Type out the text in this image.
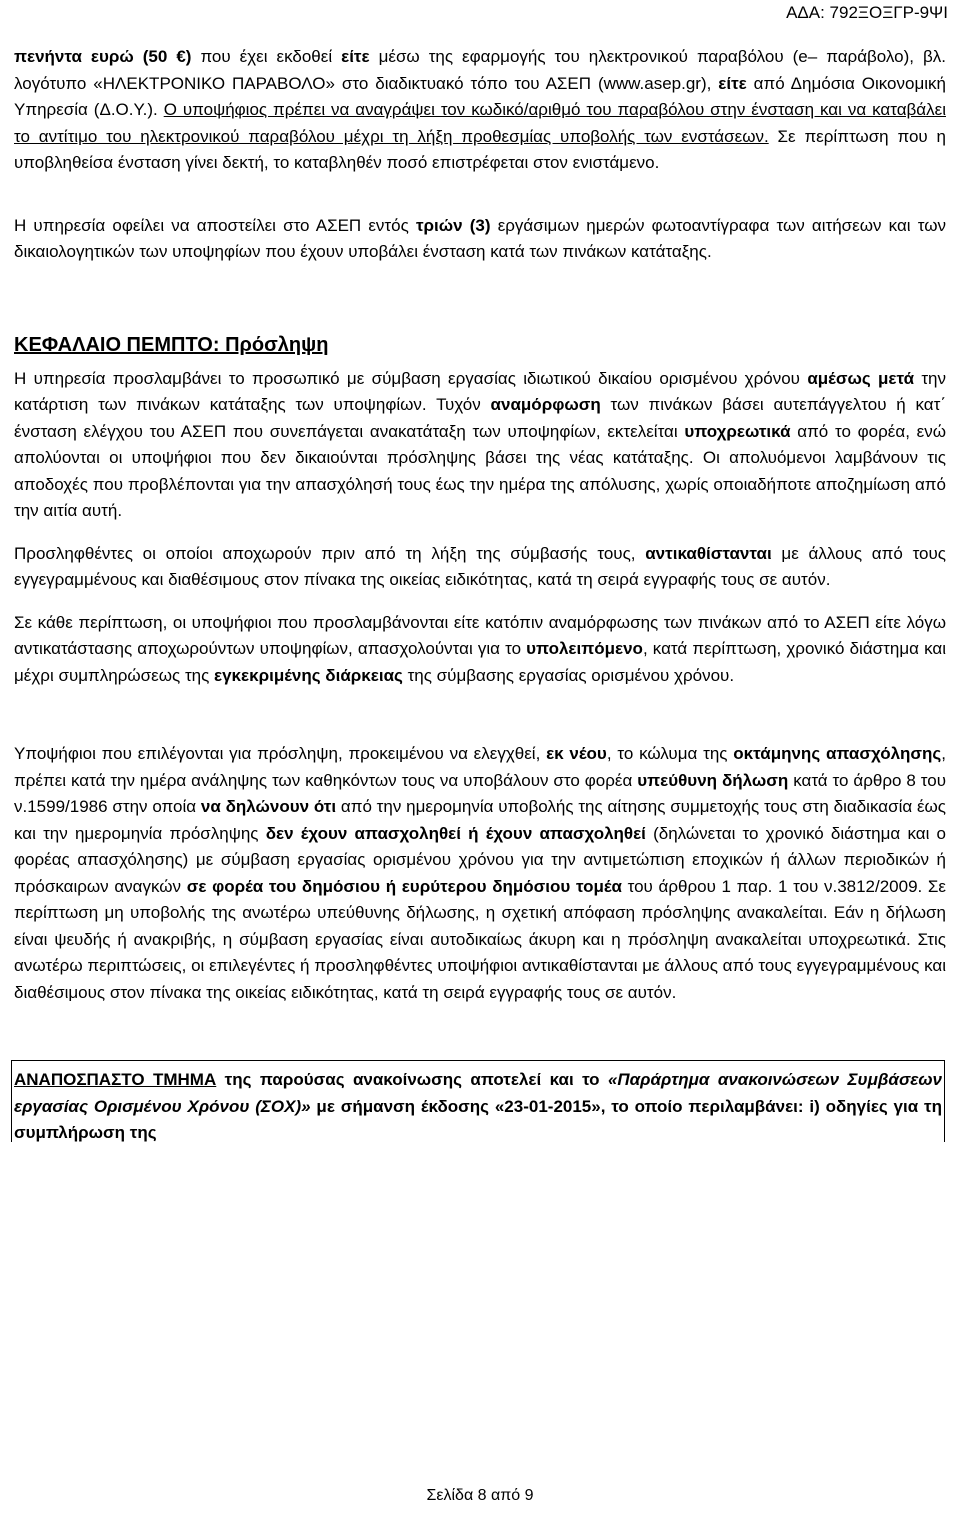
ΑΔΑ: 792ΞΟΞΓΡ-9ΨΙ

πενήντα ευρώ (50 €) που έχει εκδοθεί είτε μέσω της εφαρμογής του ηλεκτρονικού παραβόλου (e– παράβολο), βλ. λογότυπο «ΗΛΕΚΤΡΟΝΙΚΟ ΠΑΡΑΒΟΛΟ» στο διαδικτυακό τόπο του ΑΣΕΠ (www.asep.gr), είτε από Δημόσια Οικονομική Υπηρεσία (Δ.Ο.Υ.). Ο υποψήφιος πρέπει να αναγράψει τον κωδικό/αριθμό του παραβόλου στην ένσταση και να καταβάλει το αντίτιμο του ηλεκτρονικού παραβόλου μέχρι τη λήξη προθεσμίας υποβολής των ενστάσεων. Σε περίπτωση που η υποβληθείσα ένσταση γίνει δεκτή, το καταβληθέν ποσό επιστρέφεται στον ενιστάμενο.

Η υπηρεσία οφείλει να αποστείλει στο ΑΣΕΠ εντός τριών (3) εργάσιμων ημερών φωτοαντίγραφα των αιτήσεων και των δικαιολογητικών των υποψηφίων που έχουν υποβάλει ένσταση κατά των πινάκων κατάταξης.

ΚΕΦΑΛΑΙΟ ΠΕΜΠΤΟ: Πρόσληψη

Η υπηρεσία προσλαμβάνει το προσωπικό με σύμβαση εργασίας ιδιωτικού δικαίου ορισμένου χρόνου αμέσως μετά την κατάρτιση των πινάκων κατάταξης των υποψηφίων. Τυχόν αναμόρφωση των πινάκων βάσει αυτεπάγγελτου ή κατ΄ ένσταση ελέγχου του ΑΣΕΠ που συνεπάγεται ανακατάταξη των υποψηφίων, εκτελείται υποχρεωτικά από το φορέα, ενώ απολύονται οι υποψήφιοι που δεν δικαιούνται πρόσληψης βάσει της νέας κατάταξης. Οι απολυόμενοι λαμβάνουν τις αποδοχές που προβλέπονται για την απασχόλησή τους έως την ημέρα της απόλυσης, χωρίς οποιαδήποτε αποζημίωση από την αιτία αυτή.

Προσληφθέντες οι οποίοι αποχωρούν πριν από τη λήξη της σύμβασής τους, αντικαθίστανται με άλλους από τους εγγεγραμμένους και διαθέσιμους στον πίνακα της οικείας ειδικότητας, κατά τη σειρά εγγραφής τους σε αυτόν.

Σε κάθε περίπτωση, οι υποψήφιοι που προσλαμβάνονται είτε κατόπιν αναμόρφωσης των πινάκων από το ΑΣΕΠ είτε λόγω αντικατάστασης αποχωρούντων υποψηφίων, απασχολούνται για το υπολειπόμενο, κατά περίπτωση, χρονικό διάστημα και μέχρι συμπληρώσεως της εγκεκριμένης διάρκειας της σύμβασης εργασίας ορισμένου χρόνου.

Υποψήφιοι που επιλέγονται για πρόσληψη, προκειμένου να ελεγχθεί, εκ νέου, το κώλυμα της οκτάμηνης απασχόλησης, πρέπει κατά την ημέρα ανάληψης των καθηκόντων τους να υποβάλουν στο φορέα υπεύθυνη δήλωση κατά το άρθρο 8 του ν.1599/1986 στην οποία να δηλώνουν ότι από την ημερομηνία υποβολής της αίτησης συμμετοχής τους στη διαδικασία έως και την ημερομηνία πρόσληψης δεν έχουν απασχοληθεί ή έχουν απασχοληθεί (δηλώνεται το χρονικό διάστημα και ο φορέας απασχόλησης) με σύμβαση εργασίας ορισμένου χρόνου για την αντιμετώπιση εποχικών ή άλλων περιοδικών ή πρόσκαιρων αναγκών σε φορέα του δημόσιου ή ευρύτερου δημόσιου τομέα του άρθρου 1 παρ. 1 του ν.3812/2009. Σε περίπτωση μη υποβολής της ανωτέρω υπεύθυνης δήλωσης, η σχετική απόφαση πρόσληψης ανακαλείται. Εάν η δήλωση είναι ψευδής ή ανακριβής, η σύμβαση εργασίας είναι αυτοδικαίως άκυρη και η πρόσληψη ανακαλείται υποχρεωτικά. Στις ανωτέρω περιπτώσεις, οι επιλεγέντες ή προσληφθέντες υποψήφιοι αντικαθίστανται με άλλους από τους εγγεγραμμένους και διαθέσιμους στον πίνακα της οικείας ειδικότητας, κατά τη σειρά εγγραφής τους σε αυτόν.

ΑΝΑΠΟΣΠΑΣΤΟ ΤΜΗΜΑ της παρούσας ανακοίνωσης αποτελεί και το «Παράρτημα ανακοινώσεων Συμβάσεων εργασίας Ορισμένου Χρόνου (ΣΟΧ)» με σήμανση έκδοσης «23-01-2015», το οποίο περιλαμβάνει: i) οδηγίες για τη συμπλήρωση της

Σελίδα 8 από 9
